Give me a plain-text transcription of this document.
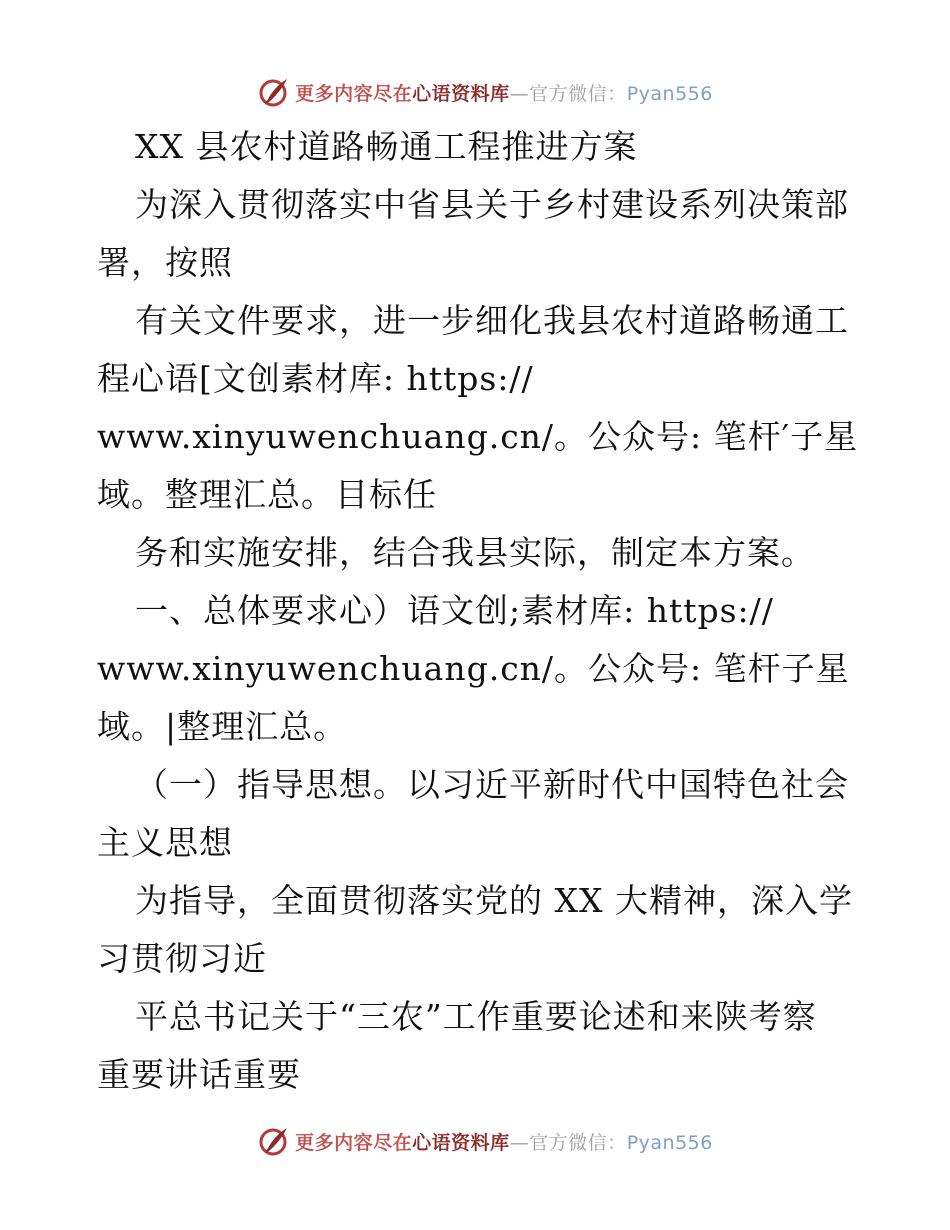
更多内容尽在心语资料库—官方微信：Pyan556
XX 县农村道路畅通工程推进方案
为深入贯彻落实中省县关于乡村建设系列决策部
署，按照
有关文件要求，进一步细化我县农村道路畅通工
程心语[文创素材库: https://
www.xinyuwenchuang.cn/。公众号: 笔杆′子星
域。整理汇总。目标任
务和实施安排，结合我县实际，制定本方案。
一、总体要求心）语文创;素材库: https://
www.xinyuwenchuang.cn/。公众号: 笔杆子星
域。|整理汇总。
（一）指导思想。以习近平新时代中国特色社会
主义思想
为指导，全面贯彻落实党的 XX 大精神，深入学
习贯彻习近
平总书记关于“三农”工作重要论述和来陕考察
重要讲话重要
更多内容尽在心语资料库—官方微信：Pyan556
